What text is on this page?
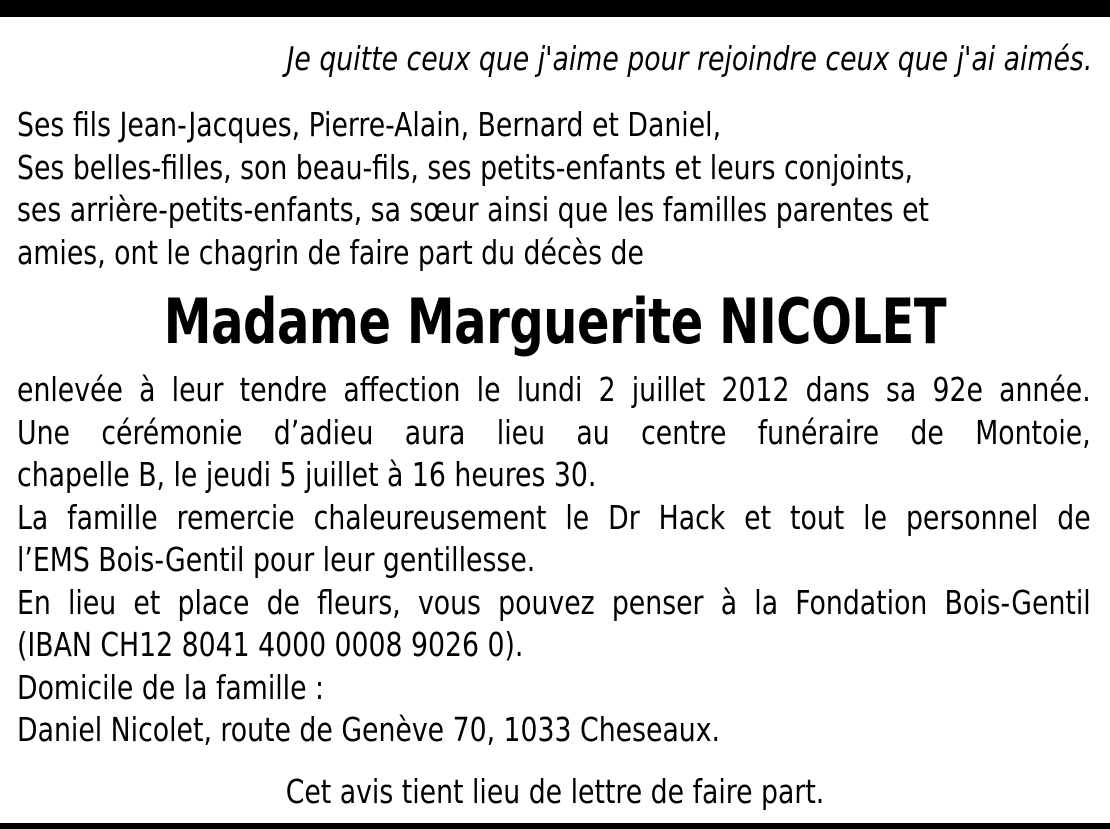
Je quitte ceux que j'aime pour rejoindre ceux que j'ai aimés.

Ses fils Jean-Jacques, Pierre-Alain, Bernard et Daniel,
Ses belles-filles, son beau-fils, ses petits-enfants et leurs conjoints,
ses arrière-petits-enfants, sa sœur ainsi que les familles parentes et
amies, ont le chagrin de faire part du décès de
Madame Marguerite NICOLET
enlevée à leur tendre affection le lundi 2 juillet 2012 dans sa 92e année.
Une cérémonie d’adieu aura lieu au centre funéraire de Montoie,
chapelle B, le jeudi 5 juillet à 16 heures 30.
La famille remercie chaleureusement le Dr Hack et tout le personnel de
l’EMS Bois-Gentil pour leur gentillesse.
En lieu et place de fleurs, vous pouvez penser à la Fondation Bois-Gentil
(IBAN CH12 8041 4000 0008 9026 0).
Domicile de la famille :
Daniel Nicolet, route de Genève 70, 1033 Cheseaux.

Cet avis tient lieu de lettre de faire part.
